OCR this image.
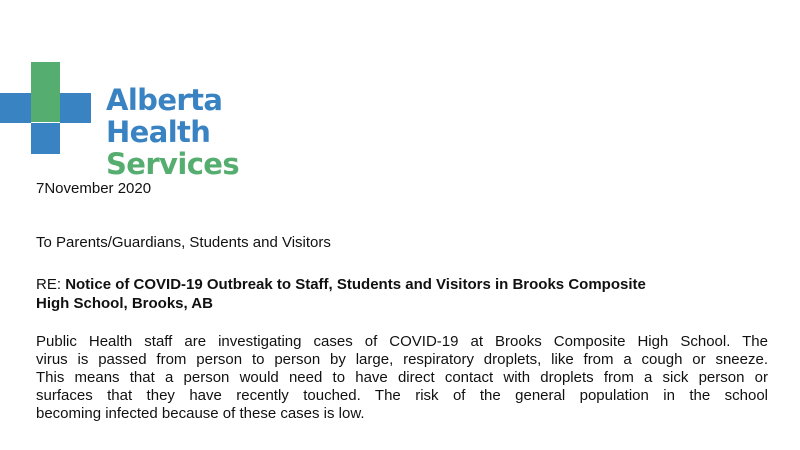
Alberta Health
Services
7November 2020
To Parents/Guardians, Students and Visitors
RE: Notice of COVID-19 Outbreak to Staff, Students and Visitors in Brooks Composite
High School, Brooks, AB
Public Health staff are investigating cases of COVID-19 at Brooks Composite High School. The
virus is passed from person to person by large, respiratory droplets, like from a cough or sneeze.
This means that a person would need to have direct contact with droplets from a sick person or
surfaces that they have recently touched. The risk of the general population in the school
becoming infected because of these cases is low.
